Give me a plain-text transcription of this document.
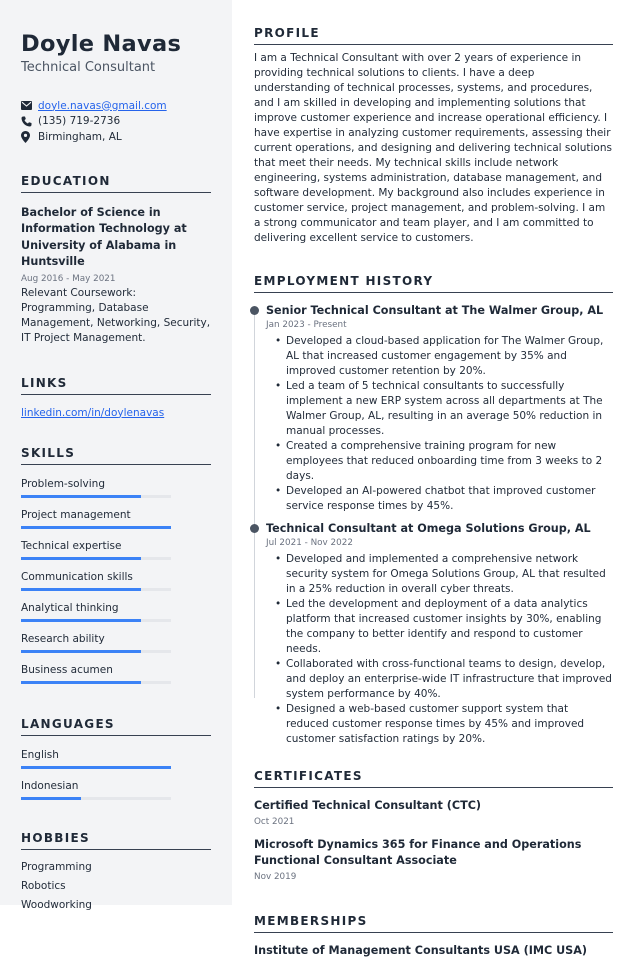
Doyle Navas
Technical Consultant
doyle.navas@gmail.com
(135) 719-2736
Birmingham, AL
EDUCATION
Bachelor of Science in Information Technology at University of Alabama in Huntsville
Aug 2016 - May 2021
Relevant Coursework: Programming, Database Management, Networking, Security, IT Project Management.
LINKS
linkedin.com/in/doylenavas
SKILLS
Problem-solving
Project management
Technical expertise
Communication skills
Analytical thinking
Research ability
Business acumen
LANGUAGES
English
Indonesian
HOBBIES
Programming
Robotics
Woodworking
PROFILE
I am a Technical Consultant with over 2 years of experience in providing technical solutions to clients. I have a deep understanding of technical processes, systems, and procedures, and I am skilled in developing and implementing solutions that improve customer experience and increase operational efficiency. I have expertise in analyzing customer requirements, assessing their current operations, and designing and delivering technical solutions that meet their needs. My technical skills include network engineering, systems administration, database management, and software development. My background also includes experience in customer service, project management, and problem-solving. I am a strong communicator and team player, and I am committed to delivering excellent service to customers.
EMPLOYMENT HISTORY
Senior Technical Consultant at The Walmer Group, AL
Jan 2023 - Present
• Developed a cloud-based application for The Walmer Group, AL that increased customer engagement by 35% and improved customer retention by 20%.
• Led a team of 5 technical consultants to successfully implement a new ERP system across all departments at The Walmer Group, AL, resulting in an average 50% reduction in manual processes.
• Created a comprehensive training program for new employees that reduced onboarding time from 3 weeks to 2 days.
• Developed an AI-powered chatbot that improved customer service response times by 45%.
Technical Consultant at Omega Solutions Group, AL
Jul 2021 - Nov 2022
• Developed and implemented a comprehensive network security system for Omega Solutions Group, AL that resulted in a 25% reduction in overall cyber threats.
• Led the development and deployment of a data analytics platform that increased customer insights by 30%, enabling the company to better identify and respond to customer needs.
• Collaborated with cross-functional teams to design, develop, and deploy an enterprise-wide IT infrastructure that improved system performance by 40%.
• Designed a web-based customer support system that reduced customer response times by 45% and improved customer satisfaction ratings by 20%.
CERTIFICATES
Certified Technical Consultant (CTC)
Oct 2021
Microsoft Dynamics 365 for Finance and Operations Functional Consultant Associate
Nov 2019
MEMBERSHIPS
Institute of Management Consultants USA (IMC USA)
